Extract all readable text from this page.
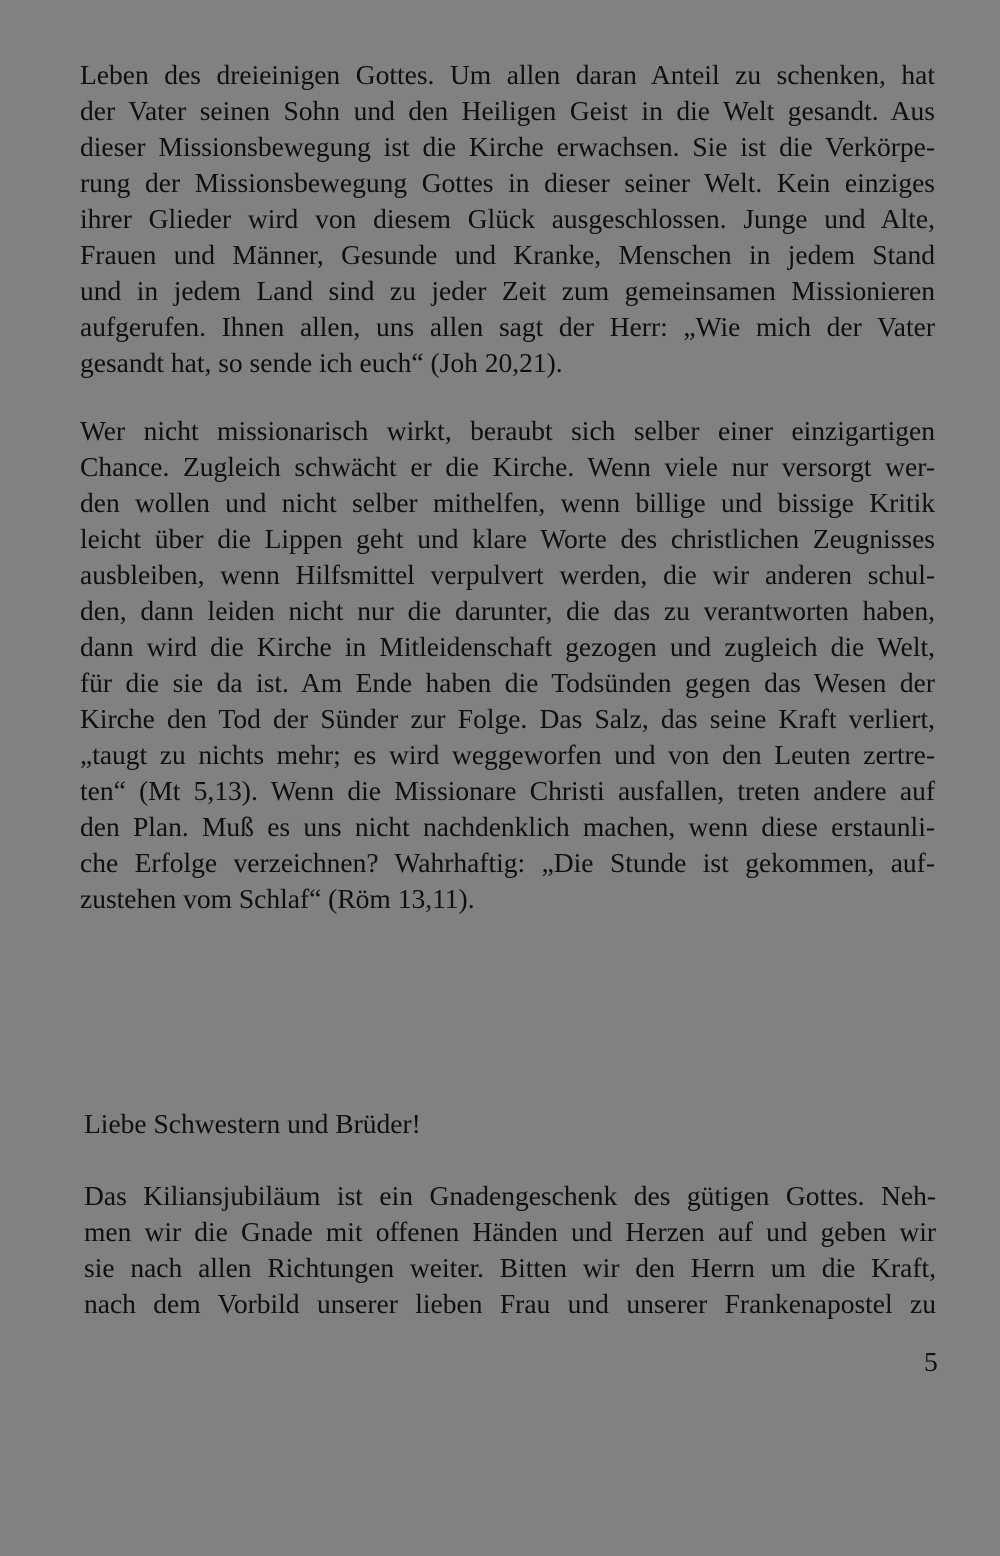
Leben des dreieinigen Gottes. Um allen daran Anteil zu schenken, hat
der Vater seinen Sohn und den Heiligen Geist in die Welt gesandt. Aus
dieser Missionsbewegung ist die Kirche erwachsen. Sie ist die Verkörpe-
rung der Missionsbewegung Gottes in dieser seiner Welt. Kein einziges
ihrer Glieder wird von diesem Glück ausgeschlossen. Junge und Alte,
Frauen und Männer, Gesunde und Kranke, Menschen in jedem Stand
und in jedem Land sind zu jeder Zeit zum gemeinsamen Missionieren
aufgerufen. Ihnen allen, uns allen sagt der Herr: „Wie mich der Vater
gesandt hat, so sende ich euch“ (Joh 20,21).
Wer nicht missionarisch wirkt, beraubt sich selber einer einzigartigen
Chance. Zugleich schwächt er die Kirche. Wenn viele nur versorgt wer-
den wollen und nicht selber mithelfen, wenn billige und bissige Kritik
leicht über die Lippen geht und klare Worte des christlichen Zeugnisses
ausbleiben, wenn Hilfsmittel verpulvert werden, die wir anderen schul-
den, dann leiden nicht nur die darunter, die das zu verantworten haben,
dann wird die Kirche in Mitleidenschaft gezogen und zugleich die Welt,
für die sie da ist. Am Ende haben die Todsünden gegen das Wesen der
Kirche den Tod der Sünder zur Folge. Das Salz, das seine Kraft verliert,
„taugt zu nichts mehr; es wird weggeworfen und von den Leuten zertre-
ten“ (Mt 5,13). Wenn die Missionare Christi ausfallen, treten andere auf
den Plan. Muß es uns nicht nachdenklich machen, wenn diese erstaunli-
che Erfolge verzeichnen? Wahrhaftig: „Die Stunde ist gekommen, auf-
zustehen vom Schlaf“ (Röm 13,11).
Liebe Schwestern und Brüder!
Das Kiliansjubiläum ist ein Gnadengeschenk des gütigen Gottes. Neh-
men wir die Gnade mit offenen Händen und Herzen auf und geben wir
sie nach allen Richtungen weiter. Bitten wir den Herrn um die Kraft,
nach dem Vorbild unserer lieben Frau und unserer Frankenapostel zu
5
